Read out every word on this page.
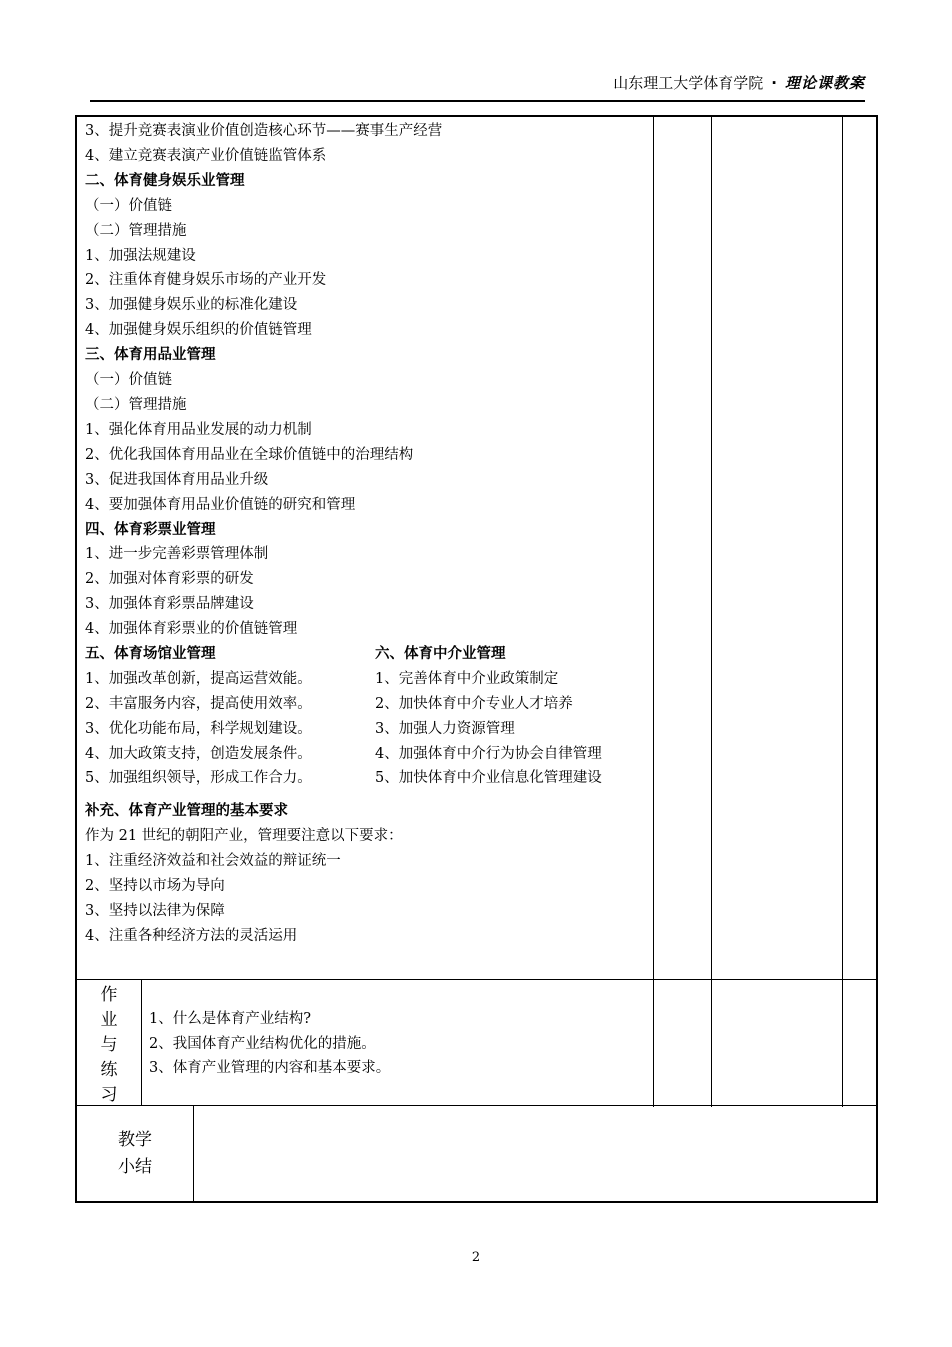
山东理工大学体育学院 · 理论课教案
3、提升竞赛表演业价值创造核心环节——赛事生产经营
4、建立竞赛表演产业价值链监管体系
二、体育健身娱乐业管理
（一）价值链
（二）管理措施
1、加强法规建设
2、注重体育健身娱乐市场的产业开发
3、加强健身娱乐业的标准化建设
4、加强健身娱乐组织的价值链管理
三、体育用品业管理
（一）价值链
（二）管理措施
1、强化体育用品业发展的动力机制
2、优化我国体育用品业在全球价值链中的治理结构
3、促进我国体育用品业升级
4、要加强体育用品业价值链的研究和管理
四、体育彩票业管理
1、进一步完善彩票管理体制
2、加强对体育彩票的研发
3、加强体育彩票品牌建设
4、加强体育彩票业的价值链管理
五、体育场馆业管理	六、体育中介业管理
1、加强改革创新，提高运营效能。	1、完善体育中介业政策制定
2、丰富服务内容，提高使用效率。	2、加快体育中介专业人才培养
3、优化功能布局，科学规划建设。	3、加强人力资源管理
4、加大政策支持，创造发展条件。	4、加强体育中介行为协会自律管理
5、加强组织领导，形成工作合力。	5、加快体育中介业信息化管理建设
补充、体育产业管理的基本要求
作为 21 世纪的朝阳产业，管理要注意以下要求：
1、注重经济效益和社会效益的辩证统一
2、坚持以市场为导向
3、坚持以法律为保障
4、注重各种经济方法的灵活运用
作
业
与
练
习
1、什么是体育产业结构?
2、我国体育产业结构优化的措施。
3、体育产业管理的内容和基本要求。
教学
小结
2
